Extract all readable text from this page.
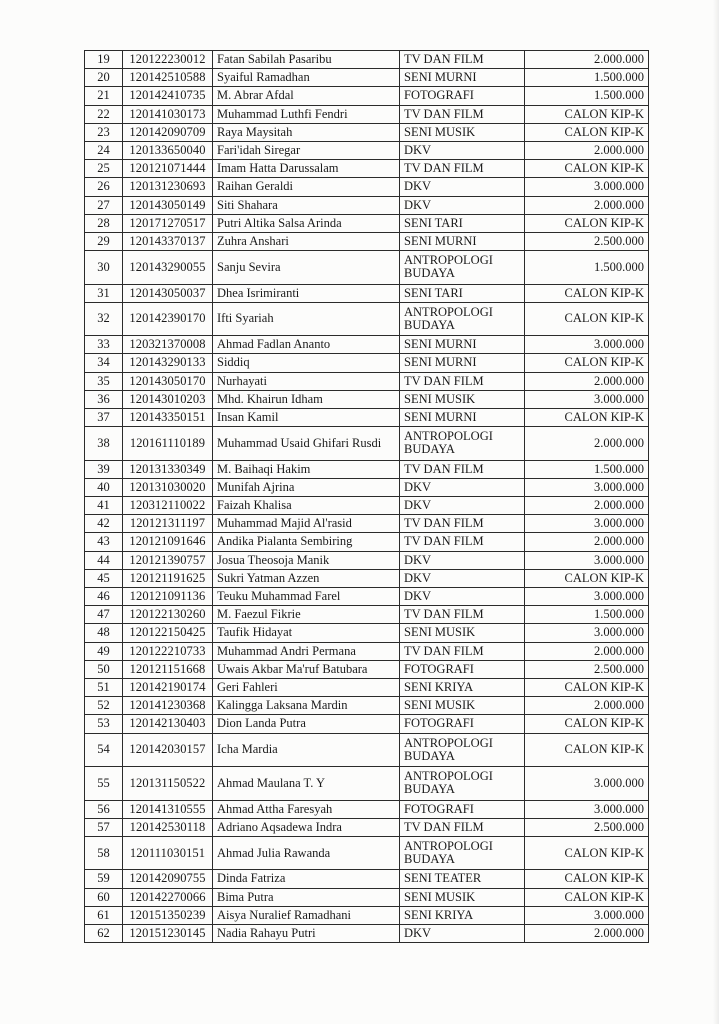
19	120122230012	Fatan Sabilah Pasaribu	TV DAN FILM	2.000.000
20	120142510588	Syaiful Ramadhan	SENI MURNI	1.500.000
21	120142410735	M. Abrar Afdal	FOTOGRAFI	1.500.000
22	120141030173	Muhammad Luthfi Fendri	TV DAN FILM	CALON KIP-K
23	120142090709	Raya Maysitah	SENI MUSIK	CALON KIP-K
24	120133650040	Fari'idah Siregar	DKV	2.000.000
25	120121071444	Imam Hatta Darussalam	TV DAN FILM	CALON KIP-K
26	120131230693	Raihan Geraldi	DKV	3.000.000
27	120143050149	Siti Shahara	DKV	2.000.000
28	120171270517	Putri Altika Salsa Arinda	SENI TARI	CALON KIP-K
29	120143370137	Zuhra Anshari	SENI MURNI	2.500.000
30	120143290055	Sanju Sevira	ANTROPOLOGI BUDAYA	1.500.000
31	120143050037	Dhea Isrimiranti	SENI TARI	CALON KIP-K
32	120142390170	Ifti Syariah	ANTROPOLOGI BUDAYA	CALON KIP-K
33	120321370008	Ahmad Fadlan Ananto	SENI MURNI	3.000.000
34	120143290133	Siddiq	SENI MURNI	CALON KIP-K
35	120143050170	Nurhayati	TV DAN FILM	2.000.000
36	120143010203	Mhd. Khairun Idham	SENI MUSIK	3.000.000
37	120143350151	Insan Kamil	SENI MURNI	CALON KIP-K
38	120161110189	Muhammad Usaid Ghifari Rusdi	ANTROPOLOGI BUDAYA	2.000.000
39	120131330349	M. Baihaqi Hakim	TV DAN FILM	1.500.000
40	120131030020	Munifah Ajrina	DKV	3.000.000
41	120312110022	Faizah Khalisa	DKV	2.000.000
42	120121311197	Muhammad Majid Al'rasid	TV DAN FILM	3.000.000
43	120121091646	Andika Pialanta Sembiring	TV DAN FILM	2.000.000
44	120121390757	Josua Theosoja Manik	DKV	3.000.000
45	120121191625	Sukri Yatman Azzen	DKV	CALON KIP-K
46	120121091136	Teuku Muhammad Farel	DKV	3.000.000
47	120122130260	M. Faezul Fikrie	TV DAN FILM	1.500.000
48	120122150425	Taufik Hidayat	SENI MUSIK	3.000.000
49	120122210733	Muhammad Andri Permana	TV DAN FILM	2.000.000
50	120121151668	Uwais Akbar Ma'ruf Batubara	FOTOGRAFI	2.500.000
51	120142190174	Geri Fahleri	SENI KRIYA	CALON KIP-K
52	120141230368	Kalingga Laksana Mardin	SENI MUSIK	2.000.000
53	120142130403	Dion Landa Putra	FOTOGRAFI	CALON KIP-K
54	120142030157	Icha Mardia	ANTROPOLOGI BUDAYA	CALON KIP-K
55	120131150522	Ahmad Maulana T. Y	ANTROPOLOGI BUDAYA	3.000.000
56	120141310555	Ahmad Attha Faresyah	FOTOGRAFI	3.000.000
57	120142530118	Adriano Aqsadewa Indra	TV DAN FILM	2.500.000
58	120111030151	Ahmad Julia Rawanda	ANTROPOLOGI BUDAYA	CALON KIP-K
59	120142090755	Dinda Fatriza	SENI TEATER	CALON KIP-K
60	120142270066	Bima Putra	SENI MUSIK	CALON KIP-K
61	120151350239	Aisya Nuralief Ramadhani	SENI KRIYA	3.000.000
62	120151230145	Nadia Rahayu Putri	DKV	2.000.000
